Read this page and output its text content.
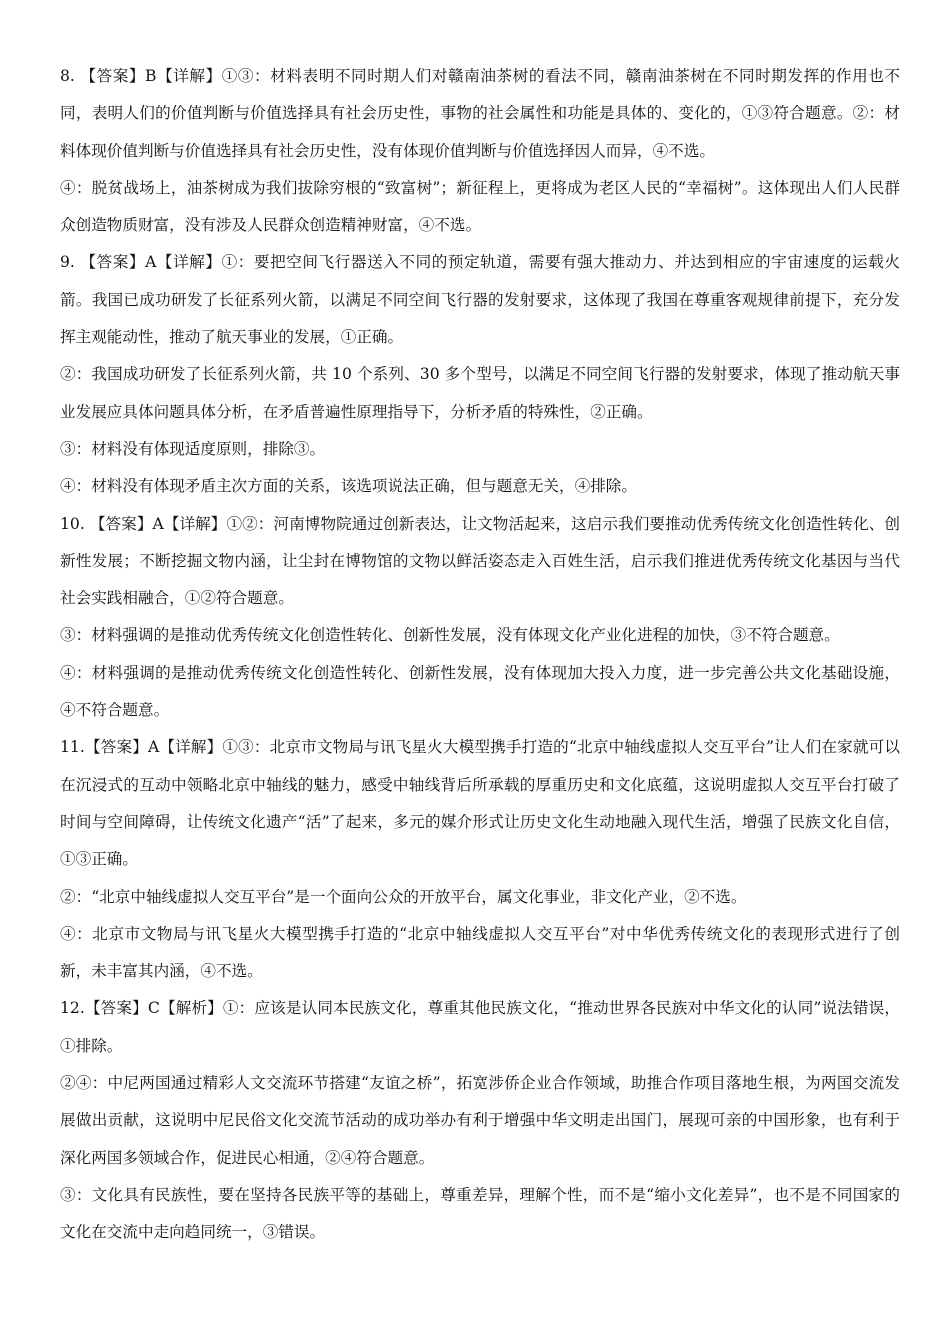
8. 【答案】B【详解】①③：材料表明不同时期人们对赣南油茶树的看法不同，赣南油茶树在不同时期发挥的作用也不同，表明人们的价值判断与价值选择具有社会历史性，事物的社会属性和功能是具体的、变化的，①③符合题意。②：材料体现价值判断与价值选择具有社会历史性，没有体现价值判断与价值选择因人而异，④不选。

④：脱贫战场上，油茶树成为我们拔除穷根的“致富树”；新征程上，更将成为老区人民的“幸福树”。这体现出人们人民群众创造物质财富，没有涉及人民群众创造精神财富，④不选。

9. 【答案】A【详解】①：要把空间飞行器送入不同的预定轨道，需要有强大推动力、并达到相应的宇宙速度的运载火箭。我国已成功研发了长征系列火箭，以满足不同空间飞行器的发射要求，这体现了我国在尊重客观规律前提下，充分发挥主观能动性，推动了航天事业的发展，①正确。

②：我国成功研发了长征系列火箭，共 10 个系列、30 多个型号，以满足不同空间飞行器的发射要求，体现了推动航天事业发展应具体问题具体分析，在矛盾普遍性原理指导下，分析矛盾的特殊性，②正确。

③：材料没有体现适度原则，排除③。

④：材料没有体现矛盾主次方面的关系，该选项说法正确，但与题意无关，④排除。

10. 【答案】A【详解】①②：河南博物院通过创新表达，让文物活起来，这启示我们要推动优秀传统文化创造性转化、创新性发展；不断挖掘文物内涵，让尘封在博物馆的文物以鲜活姿态走入百姓生活，启示我们推进优秀传统文化基因与当代社会实践相融合，①②符合题意。

③：材料强调的是推动优秀传统文化创造性转化、创新性发展，没有体现文化产业化进程的加快，③不符合题意。

④：材料强调的是推动优秀传统文化创造性转化、创新性发展，没有体现加大投入力度，进一步完善公共文化基础设施，④不符合题意。

11.【答案】A【详解】①③：北京市文物局与讯飞星火大模型携手打造的“北京中轴线虚拟人交互平台”让人们在家就可以在沉浸式的互动中领略北京中轴线的魅力，感受中轴线背后所承载的厚重历史和文化底蕴，这说明虚拟人交互平台打破了时间与空间障碍，让传统文化遗产“活”了起来，多元的媒介形式让历史文化生动地融入现代生活，增强了民族文化自信，①③正确。

②：“北京中轴线虚拟人交互平台”是一个面向公众的开放平台，属文化事业，非文化产业，②不选。

④：北京市文物局与讯飞星火大模型携手打造的“北京中轴线虚拟人交互平台”对中华优秀传统文化的表现形式进行了创新，未丰富其内涵，④不选。

12.【答案】C【解析】①：应该是认同本民族文化，尊重其他民族文化，“推动世界各民族对中华文化的认同”说法错误，①排除。

②④：中尼两国通过精彩人文交流环节搭建“友谊之桥”，拓宽涉侨企业合作领域，助推合作项目落地生根，为两国交流发展做出贡献，这说明中尼民俗文化交流节活动的成功举办有利于增强中华文明走出国门，展现可亲的中国形象，也有利于深化两国多领域合作，促进民心相通，②④符合题意。

③：文化具有民族性，要在坚持各民族平等的基础上，尊重差异，理解个性，而不是“缩小文化差异”，也不是不同国家的文化在交流中走向趋同统一，③错误。
